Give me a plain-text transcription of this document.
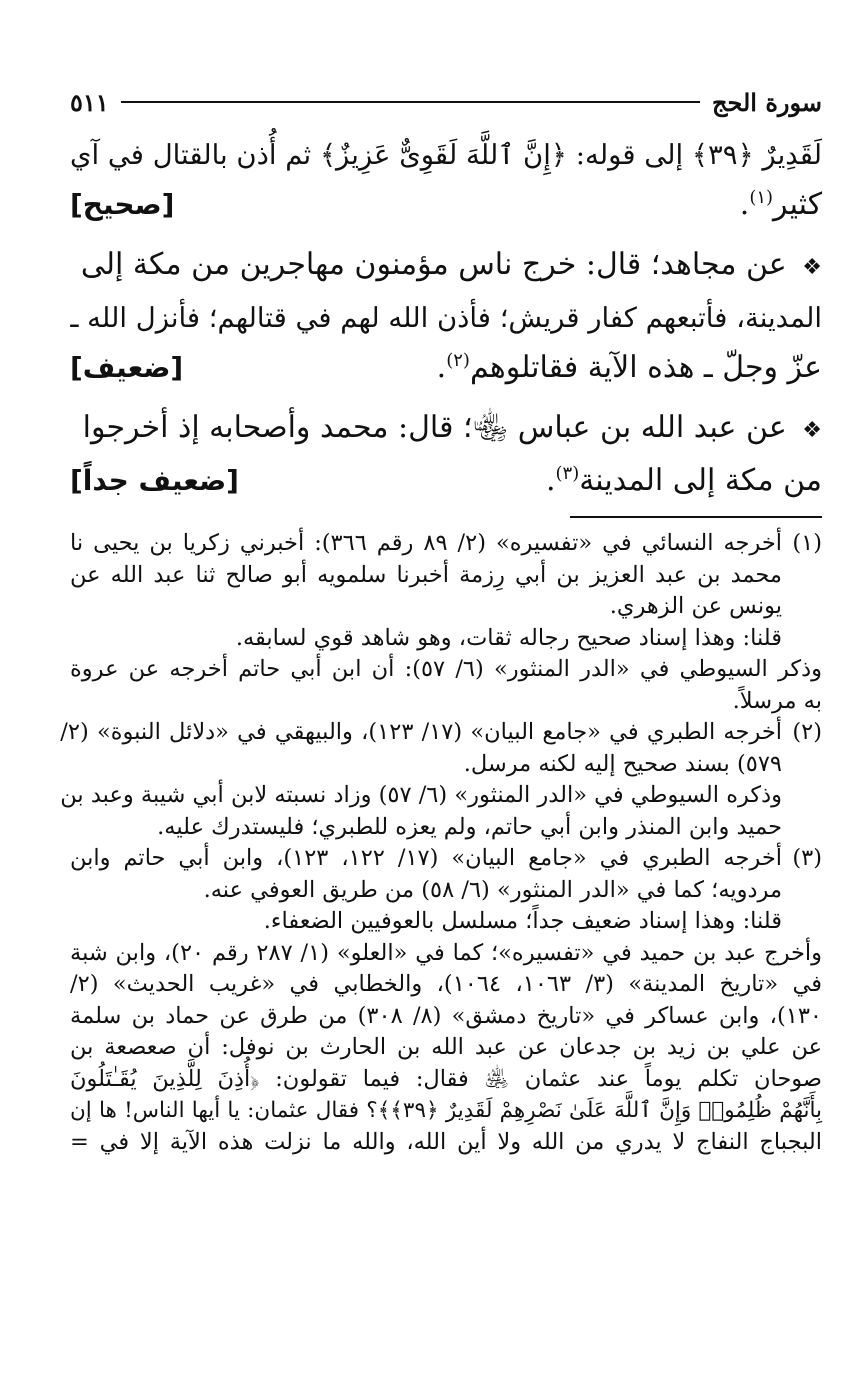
سورة الحج
٥١١
لَقَدِيرٌ ﴿٣٩﴾ إلى قوله: ﴿إِنَّ ٱللَّهَ لَقَوِىٌّ عَزِيزٌ﴾ ثم أُذن بالقتال في آي
كثير$^{(١)}$.
[صحيح]
❖ عن مجاهد؛ قال: خرج ناس مؤمنون مهاجرين من مكة إلى
المدينة، فأتبعهم كفار قريش؛ فأذن الله لهم في قتالهم؛ فأنزل الله ـ
عزّ وجلّ ـ هذه الآية فقاتلوهم$^{(٢)}$.
[ضعيف]
❖ عن عبد الله بن عباس ﵄؛ قال: محمد وأصحابه إذ أخرجوا
من مكة إلى المدينة$^{(٣)}$.
[ضعيف جداً]
(١)
أخرجه النسائي في «تفسيره» (٢/ ٨٩ رقم ٣٦٦): أخبرني زكريا بن يحيى نا
محمد بن عبد العزيز بن أبي رِزمة أخبرنا سلمويه أبو صالح ثنا عبد الله عن
يونس عن الزهري.
قلنا: وهذا إسناد صحيح رجاله ثقات، وهو شاهد قوي لسابقه.
وذكر السيوطي في «الدر المنثور» (٦/ ٥٧): أن ابن أبي حاتم أخرجه عن عروة
به مرسلاً.
(٢)
أخرجه الطبري في «جامع البيان» (١٧/ ١٢٣)، والبيهقي في «دلائل النبوة» (٢/
٥٧٩) بسند صحيح إليه لكنه مرسل.
وذكره السيوطي في «الدر المنثور» (٦/ ٥٧) وزاد نسبته لابن أبي شيبة وعبد بن
حميد وابن المنذر وابن أبي حاتم، ولم يعزه للطبري؛ فليستدرك عليه.
(٣)
أخرجه الطبري في «جامع البيان» (١٧/ ١٢٢، ١٢٣)، وابن أبي حاتم وابن
مردويه؛ كما في «الدر المنثور» (٦/ ٥٨) من طريق العوفي عنه.
قلنا: وهذا إسناد ضعيف جداً؛ مسلسل بالعوفيين الضعفاء.
وأخرج عبد بن حميد في «تفسيره»؛ كما في «العلو» (١/ ٢٨٧ رقم ٢٠)، وابن شبة
في «تاريخ المدينة» (٣/ ١٠٦٣، ١٠٦٤)، والخطابي في «غريب الحديث» (٢/
١٣٠)، وابن عساكر في «تاريخ دمشق» (٨/ ٣٠٨) من طرق عن حماد بن سلمة
عن علي بن زيد بن جدعان عن عبد الله بن الحارث بن نوفل: أن صعصعة بن
صوحان تكلم يوماً عند عثمان ﵁ فقال: فيما تقولون: ﴿أُذِنَ لِلَّذِينَ يُقَـٰتَلُونَ
بِأَنَّهُمْ ظُلِمُوا۟ وَإِنَّ ٱللَّهَ عَلَىٰ نَصْرِهِمْ لَقَدِيرٌ ﴿٣٩﴾﴾؟ فقال عثمان: يا أيها الناس! ها إن
البجباج النفاج لا يدري من الله ولا أين الله، والله ما نزلت هذه الآية إلا في =
